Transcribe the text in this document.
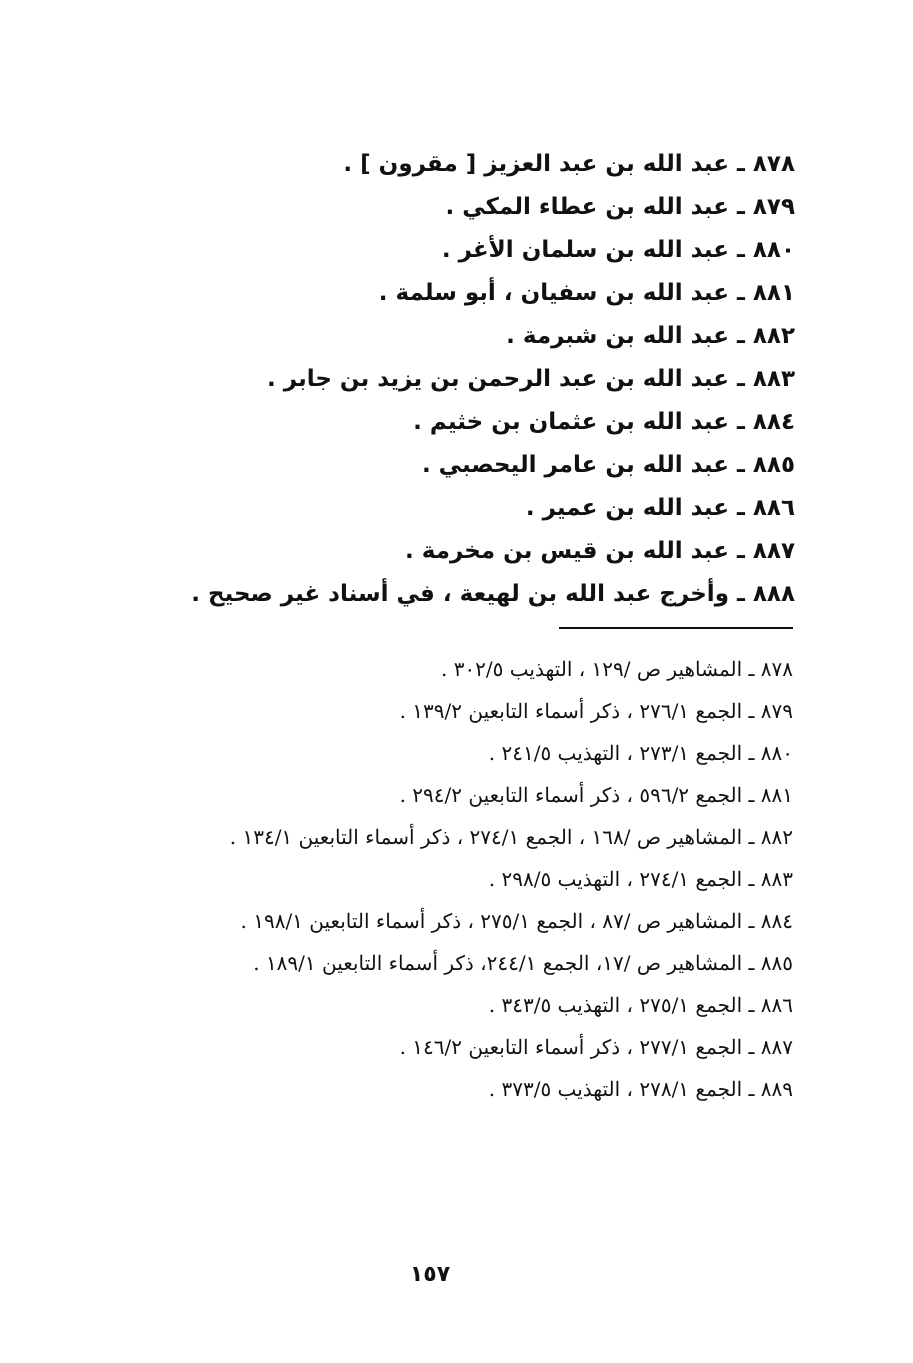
٨٧٨ ـ عبد الله بن عبد العزيز [ مقرون ] .
٨٧٩ ـ عبد الله بن عطاء المكي .
٨٨٠ ـ عبد الله بن سلمان الأغر .
٨٨١ ـ عبد الله بن سفيان ، أبو سلمة .
٨٨٢ ـ عبد الله بن شبرمة .
٨٨٣ ـ عبد الله بن عبد الرحمن بن يزيد بن جابر .
٨٨٤ ـ عبد الله بن عثمان بن خثيم .
٨٨٥ ـ عبد الله بن عامر اليحصبي .
٨٨٦ ـ عبد الله بن عمير .
٨٨٧ ـ عبد الله بن قيس بن مخرمة .
٨٨٨ ـ وأخرج عبد الله بن لهيعة ، في أسناد غير صحيح .
٨٧٨ ـ المشاهير ص /١٢٩ ، التهذيب ٣٠٢/٥ .
٨٧٩ ـ الجمع ٢٧٦/١ ، ذكر أسماء التابعين ١٣٩/٢ .
٨٨٠ ـ الجمع ٢٧٣/١ ، التهذيب ٢٤١/٥ .
٨٨١ ـ الجمع ٥٩٦/٢ ، ذكر أسماء التابعين ٢٩٤/٢ .
٨٨٢ ـ المشاهير ص /١٦٨ ، الجمع ٢٧٤/١ ، ذكر أسماء التابعين ١٣٤/١ .
٨٨٣ ـ الجمع ٢٧٤/١ ، التهذيب ٢٩٨/٥ .
٨٨٤ ـ المشاهير ص /٨٧ ، الجمع ٢٧٥/١ ، ذكر أسماء التابعين ١٩٨/١ .
٨٨٥ ـ المشاهير ص /١٧، الجمع ٢٤٤/١، ذكر أسماء التابعين ١٨٩/١ .
٨٨٦ ـ الجمع ٢٧٥/١ ، التهذيب ٣٤٣/٥ .
٨٨٧ ـ الجمع ٢٧٧/١ ، ذكر أسماء التابعين ١٤٦/٢ .
٨٨٩ ـ الجمع ٢٧٨/١ ، التهذيب ٣٧٣/٥ .
١٥٧
